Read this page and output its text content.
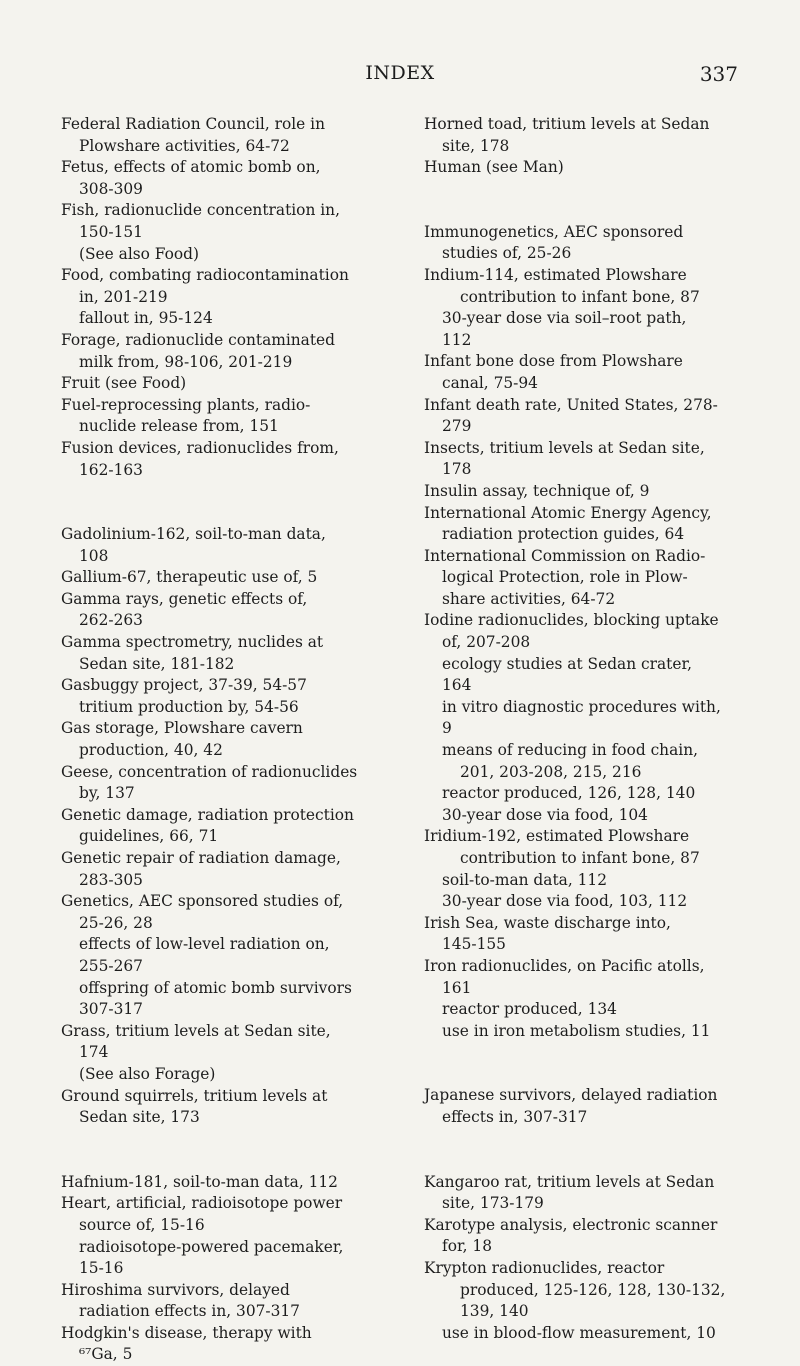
INDEX	337
Federal Radiation Council, role in
Plowshare activities, 64-72
Fetus, effects of atomic bomb on,
308-309
Fish, radionuclide concentration in,
150-151
(See also Food)
Food, combating radiocontamination
in, 201-219
fallout in, 95-124
Forage, radionuclide contaminated
milk from, 98-106, 201-219
Fruit (see Food)
Fuel-reprocessing plants, radio-
nuclide release from, 151
Fusion devices, radionuclides from,
162-163
Gadolinium-162, soil-to-man data,
108
Gallium-67, therapeutic use of, 5
Gamma rays, genetic effects of,
262-263
Gamma spectrometry, nuclides at
Sedan site, 181-182
Gasbuggy project, 37-39, 54-57
tritium production by, 54-56
Gas storage, Plowshare cavern
production, 40, 42
Geese, concentration of radionuclides
by, 137
Genetic damage, radiation protection
guidelines, 66, 71
Genetic repair of radiation damage,
283-305
Genetics, AEC sponsored studies of,
25-26, 28
effects of low-level radiation on,
255-267
offspring of atomic bomb survivors
307-317
Grass, tritium levels at Sedan site,
174
(See also Forage)
Ground squirrels, tritium levels at
Sedan site, 173
Hafnium-181, soil-to-man data, 112
Heart, artificial, radioisotope power
source of, 15-16
radioisotope-powered pacemaker,
15-16
Hiroshima survivors, delayed
radiation effects in, 307-317
Hodgkin's disease, therapy with
⁶⁷Ga, 5
Horned toad, tritium levels at Sedan
site, 178
Human (see Man)
Immunogenetics, AEC sponsored
studies of, 25-26
Indium-114, estimated Plowshare
contribution to infant bone, 87
30-year dose via soil–root path,
112
Infant bone dose from Plowshare
canal, 75-94
Infant death rate, United States, 278-
279
Insects, tritium levels at Sedan site,
178
Insulin assay, technique of, 9
International Atomic Energy Agency,
radiation protection guides, 64
International Commission on Radio-
logical Protection, role in Plow-
share activities, 64-72
Iodine radionuclides, blocking uptake
of, 207-208
ecology studies at Sedan crater,
164
in vitro diagnostic procedures with,
9
means of reducing in food chain,
201, 203-208, 215, 216
reactor produced, 126, 128, 140
30-year dose via food, 104
Iridium-192, estimated Plowshare
contribution to infant bone, 87
soil-to-man data, 112
30-year dose via food, 103, 112
Irish Sea, waste discharge into,
145-155
Iron radionuclides, on Pacific atolls,
161
reactor produced, 134
use in iron metabolism studies, 11
Japanese survivors, delayed radiation
effects in, 307-317
Kangaroo rat, tritium levels at Sedan
site, 173-179
Karotype analysis, electronic scanner
for, 18
Krypton radionuclides, reactor
produced, 125-126, 128, 130-132,
139, 140
use in blood-flow measurement, 10
